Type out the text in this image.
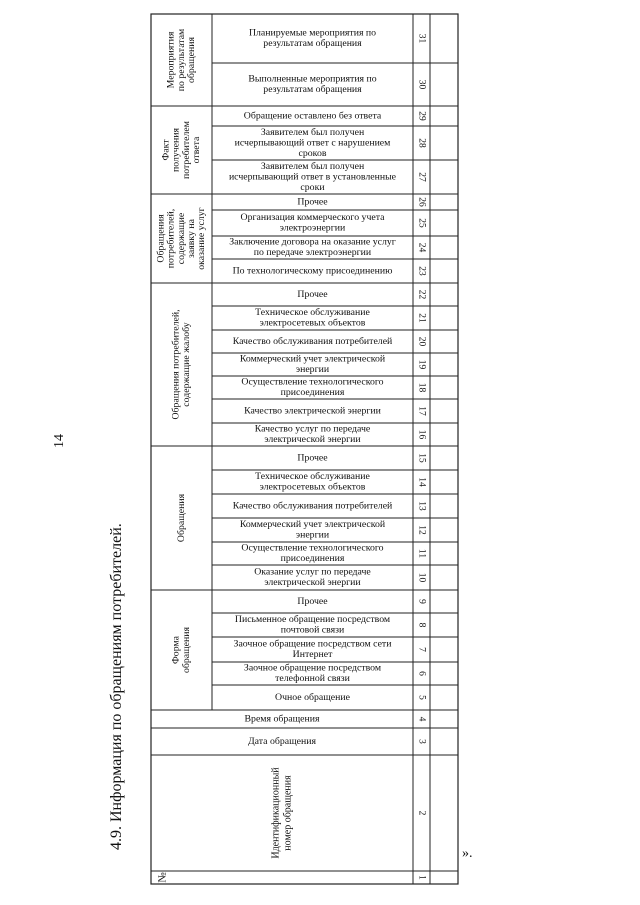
14
4.9. Информация по обращениям потребителей.
».
31
Планируемые мероприятия по
результатам обращения
30
Выполненные мероприятия по
результатам обращения
29
Обращение оставлено без ответа
28
Заявителем был получен
исчерпывающий ответ с нарушением
сроков
27
Заявителем был получен
исчерпывающий ответ в установленные
сроки
26
Прочее
25
Организация коммерческого учета
электроэнергии
24
Заключение договора на оказание услуг
по передаче электроэнергии
23
По технологическому присоединению
22
Прочее
21
Техническое обслуживание
электросетевых объектов
20
Качество обслуживания потребителей
19
Коммерческий учет электрической
энергии
18
Осуществление технологического
присоединения
17
Качество электрической энергии
16
Качество услуг по передаче
электрической энергии
15
Прочее
14
Техническое обслуживание
электросетевых объектов
13
Качество обслуживания потребителей
12
Коммерческий учет электрической
энергии
11
Осуществление технологического
присоединения
10
Оказание услуг по передаче
электрической энергии
9
Прочее
8
Письменное обращение посредством
почтовой связи
7
Заочное обращение посредством сети
Интернет
6
Заочное обращение посредством
телефонной связи
5
Очное обращение
4
Время обращения
3
Дата обращения
2
Идентификационный номер обращения
1
№
Мероприятия по результатам обращения
Факт получения потребителем ответа
Обращения потребителей, содержащие заявку на оказание услуг
Обращения потребителей, содержащие жалобу
Обращения
Форма обращения
